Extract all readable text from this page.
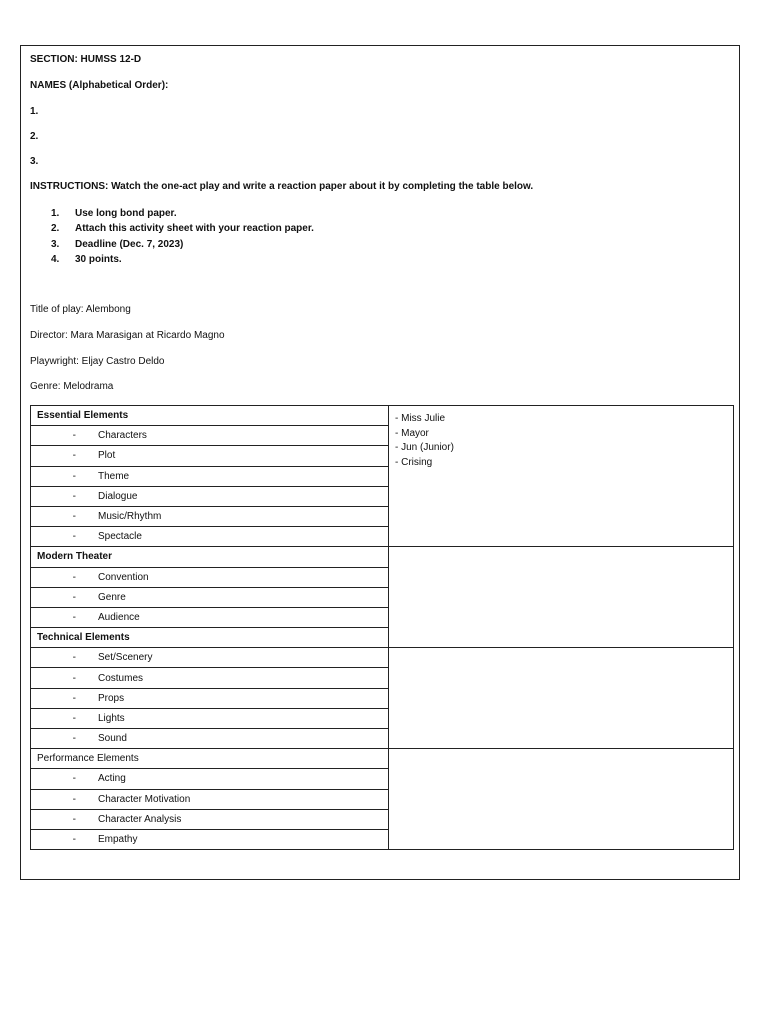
SECTION: HUMSS 12-D
NAMES (Alphabetical Order):
1.
2.
3.
INSTRUCTIONS: Watch the one-act play and write a reaction paper about it by completing the table below.
1. Use long bond paper.
2. Attach this activity sheet with your reaction paper.
3. Deadline (Dec. 7, 2023)
4. 30 points.
Title of play: Alembong
Director: Mara Marasigan at Ricardo Magno
Playwright: Eljay Castro Deldo
Genre: Melodrama
Essential Elements	- Miss Julie
- Mayor
- Jun (Junior)
- Crising

- Characters	
- Plot	
- Theme	
- Dialogue	
- Music/Rhythm	
- Spectacle	
Modern Theater	
- Convention	
- Genre	
- Audience	
Technical Elements	
- Set/Scenery	
- Costumes	
- Props	
- Lights	
- Sound	
Performance Elements	
- Acting	
- Character Motivation	
- Character Analysis	
- Empathy	
